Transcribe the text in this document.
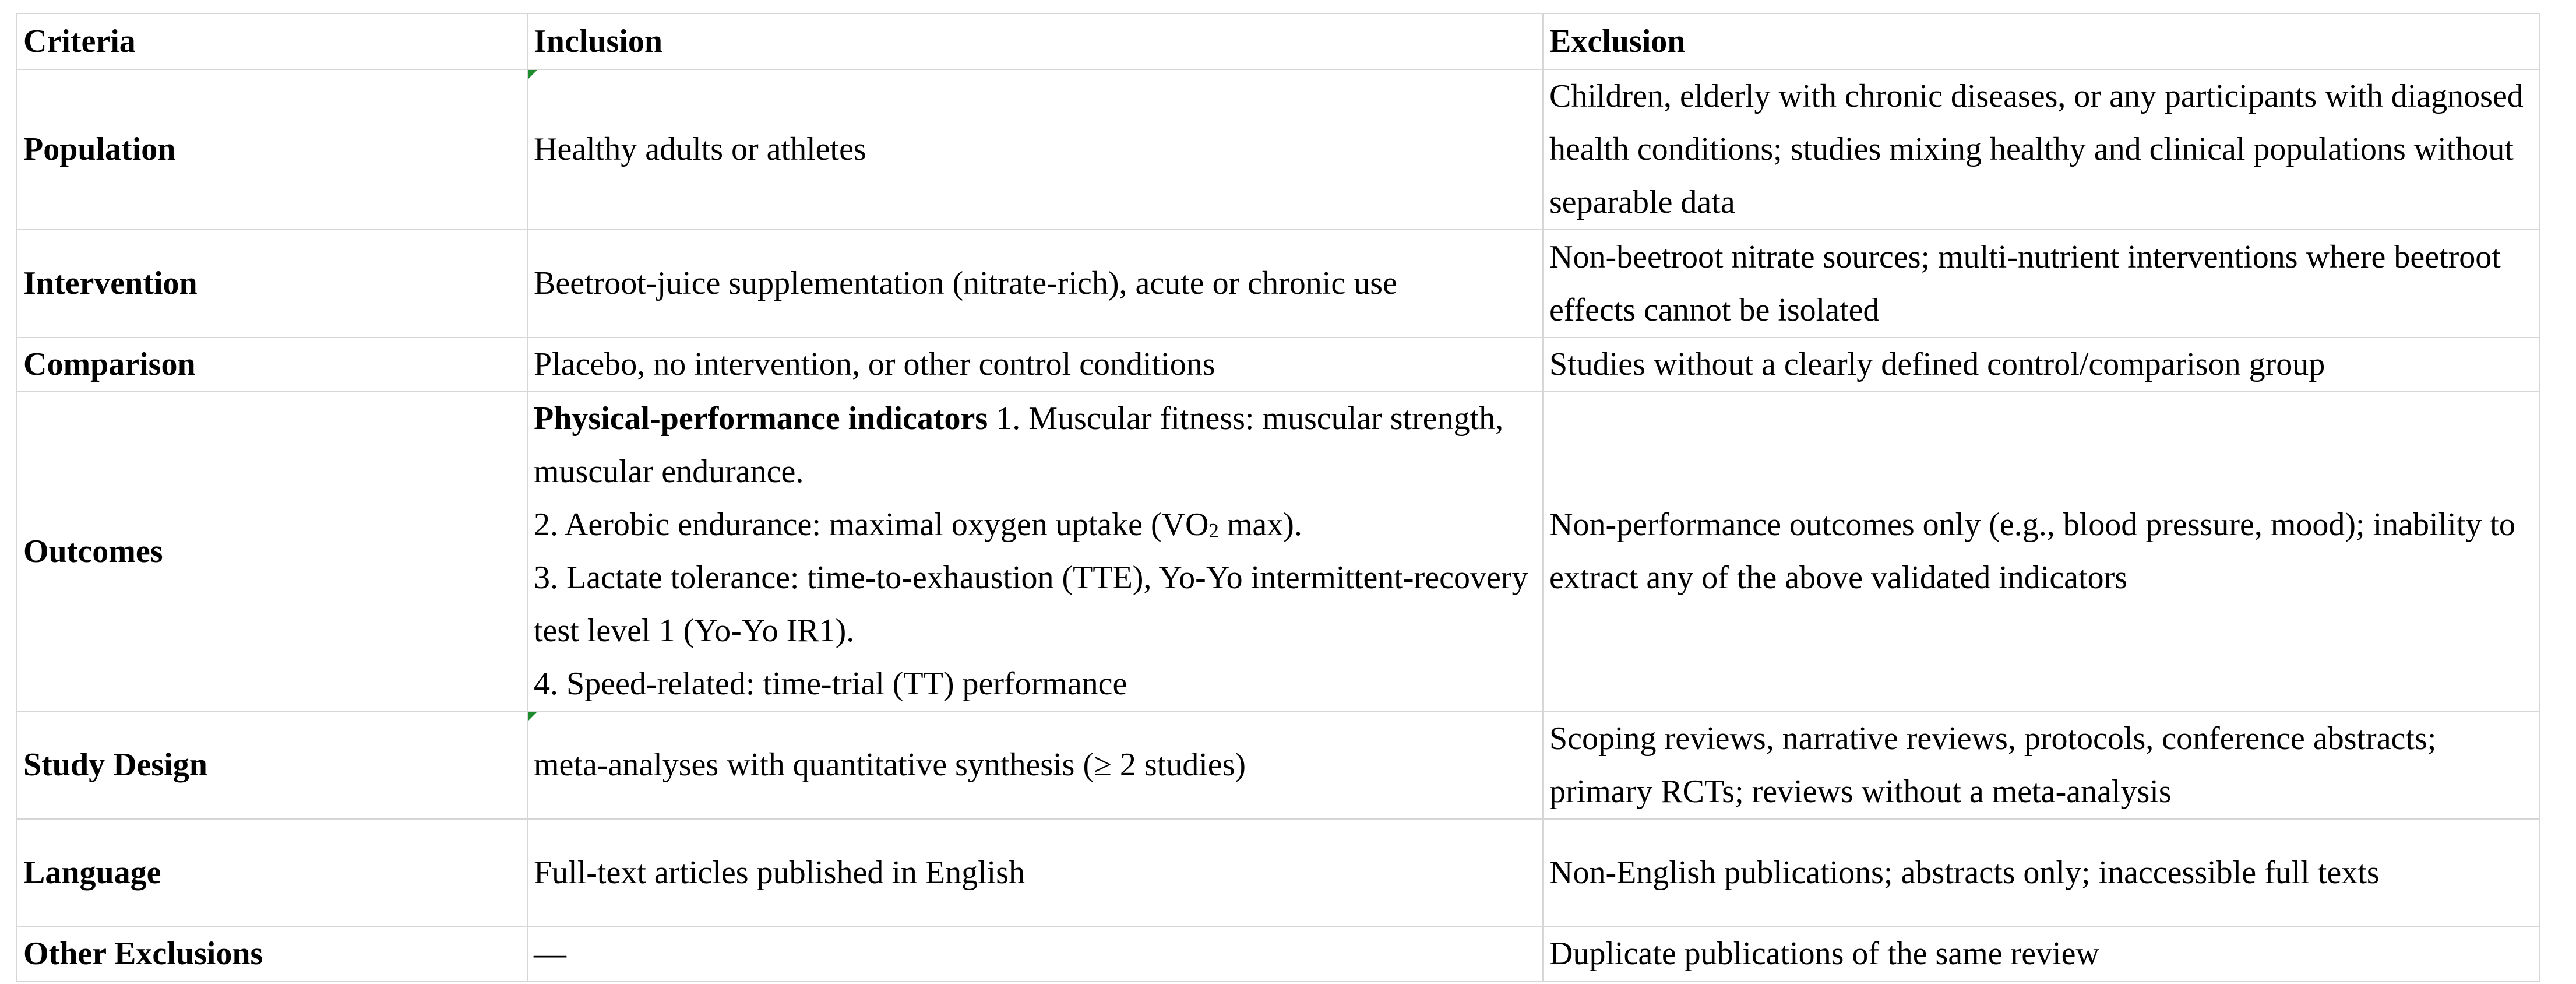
Criteria	Inclusion	Exclusion
Population	Healthy adults or athletes	Children, elderly with chronic diseases, or any participants with diagnosed health conditions; studies mixing healthy and clinical populations without separable data
Intervention	Beetroot-juice supplementation (nitrate-rich), acute or chronic use	Non-beetroot nitrate sources; multi-nutrient interventions where beetroot effects cannot be isolated
Comparison	Placebo, no intervention, or other control conditions	Studies without a clearly defined control/comparison group
Outcomes	Physical-performance indicators 1. Muscular fitness: muscular strength, muscular endurance.
2. Aerobic endurance: maximal oxygen uptake ($VO_2$ max).
3. Lactate tolerance: time-to-exhaustion (TTE), Yo-Yo intermittent-recovery test level 1 (Yo-Yo IR1).
4. Speed-related: time-trial (TT) performance	Non-performance outcomes only (e.g., blood pressure, mood); inability to extract any of the above validated indicators
Study Design	meta-analyses with quantitative synthesis (≥ 2 studies)	Scoping reviews, narrative reviews, protocols, conference abstracts; primary RCTs; reviews without a meta-analysis
Language	Full-text articles published in English	Non-English publications; abstracts only; inaccessible full texts
Other Exclusions	—	Duplicate publications of the same review
